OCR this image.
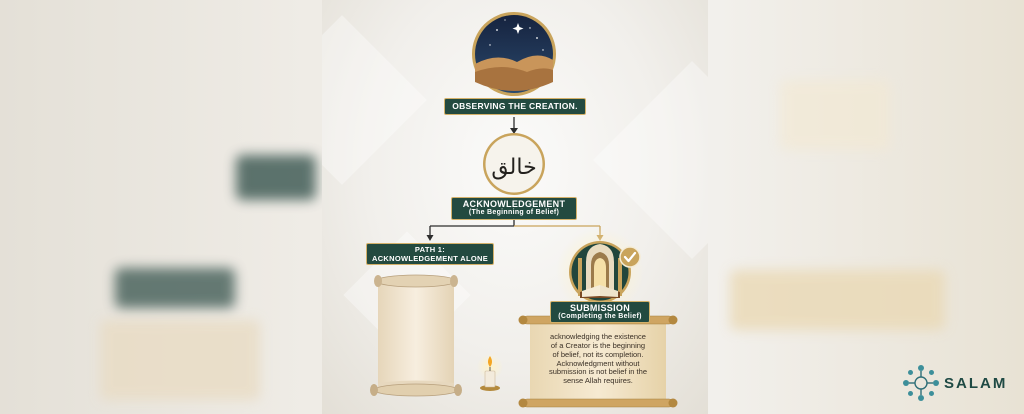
خالق
OBSERVING THE CREATION.
ACKNOWLEDGEMENT
(The Beginning of Belief)
PATH 1:
ACKNOWLEDGEMENT ALONE
SUBMISSION
(Completing the Belief)
acknowledging the existence
of a Creator is the beginning
of belief, not its completion.
Acknowledgment without
submission is not belief in the
sense Allah requires.	SALAM
